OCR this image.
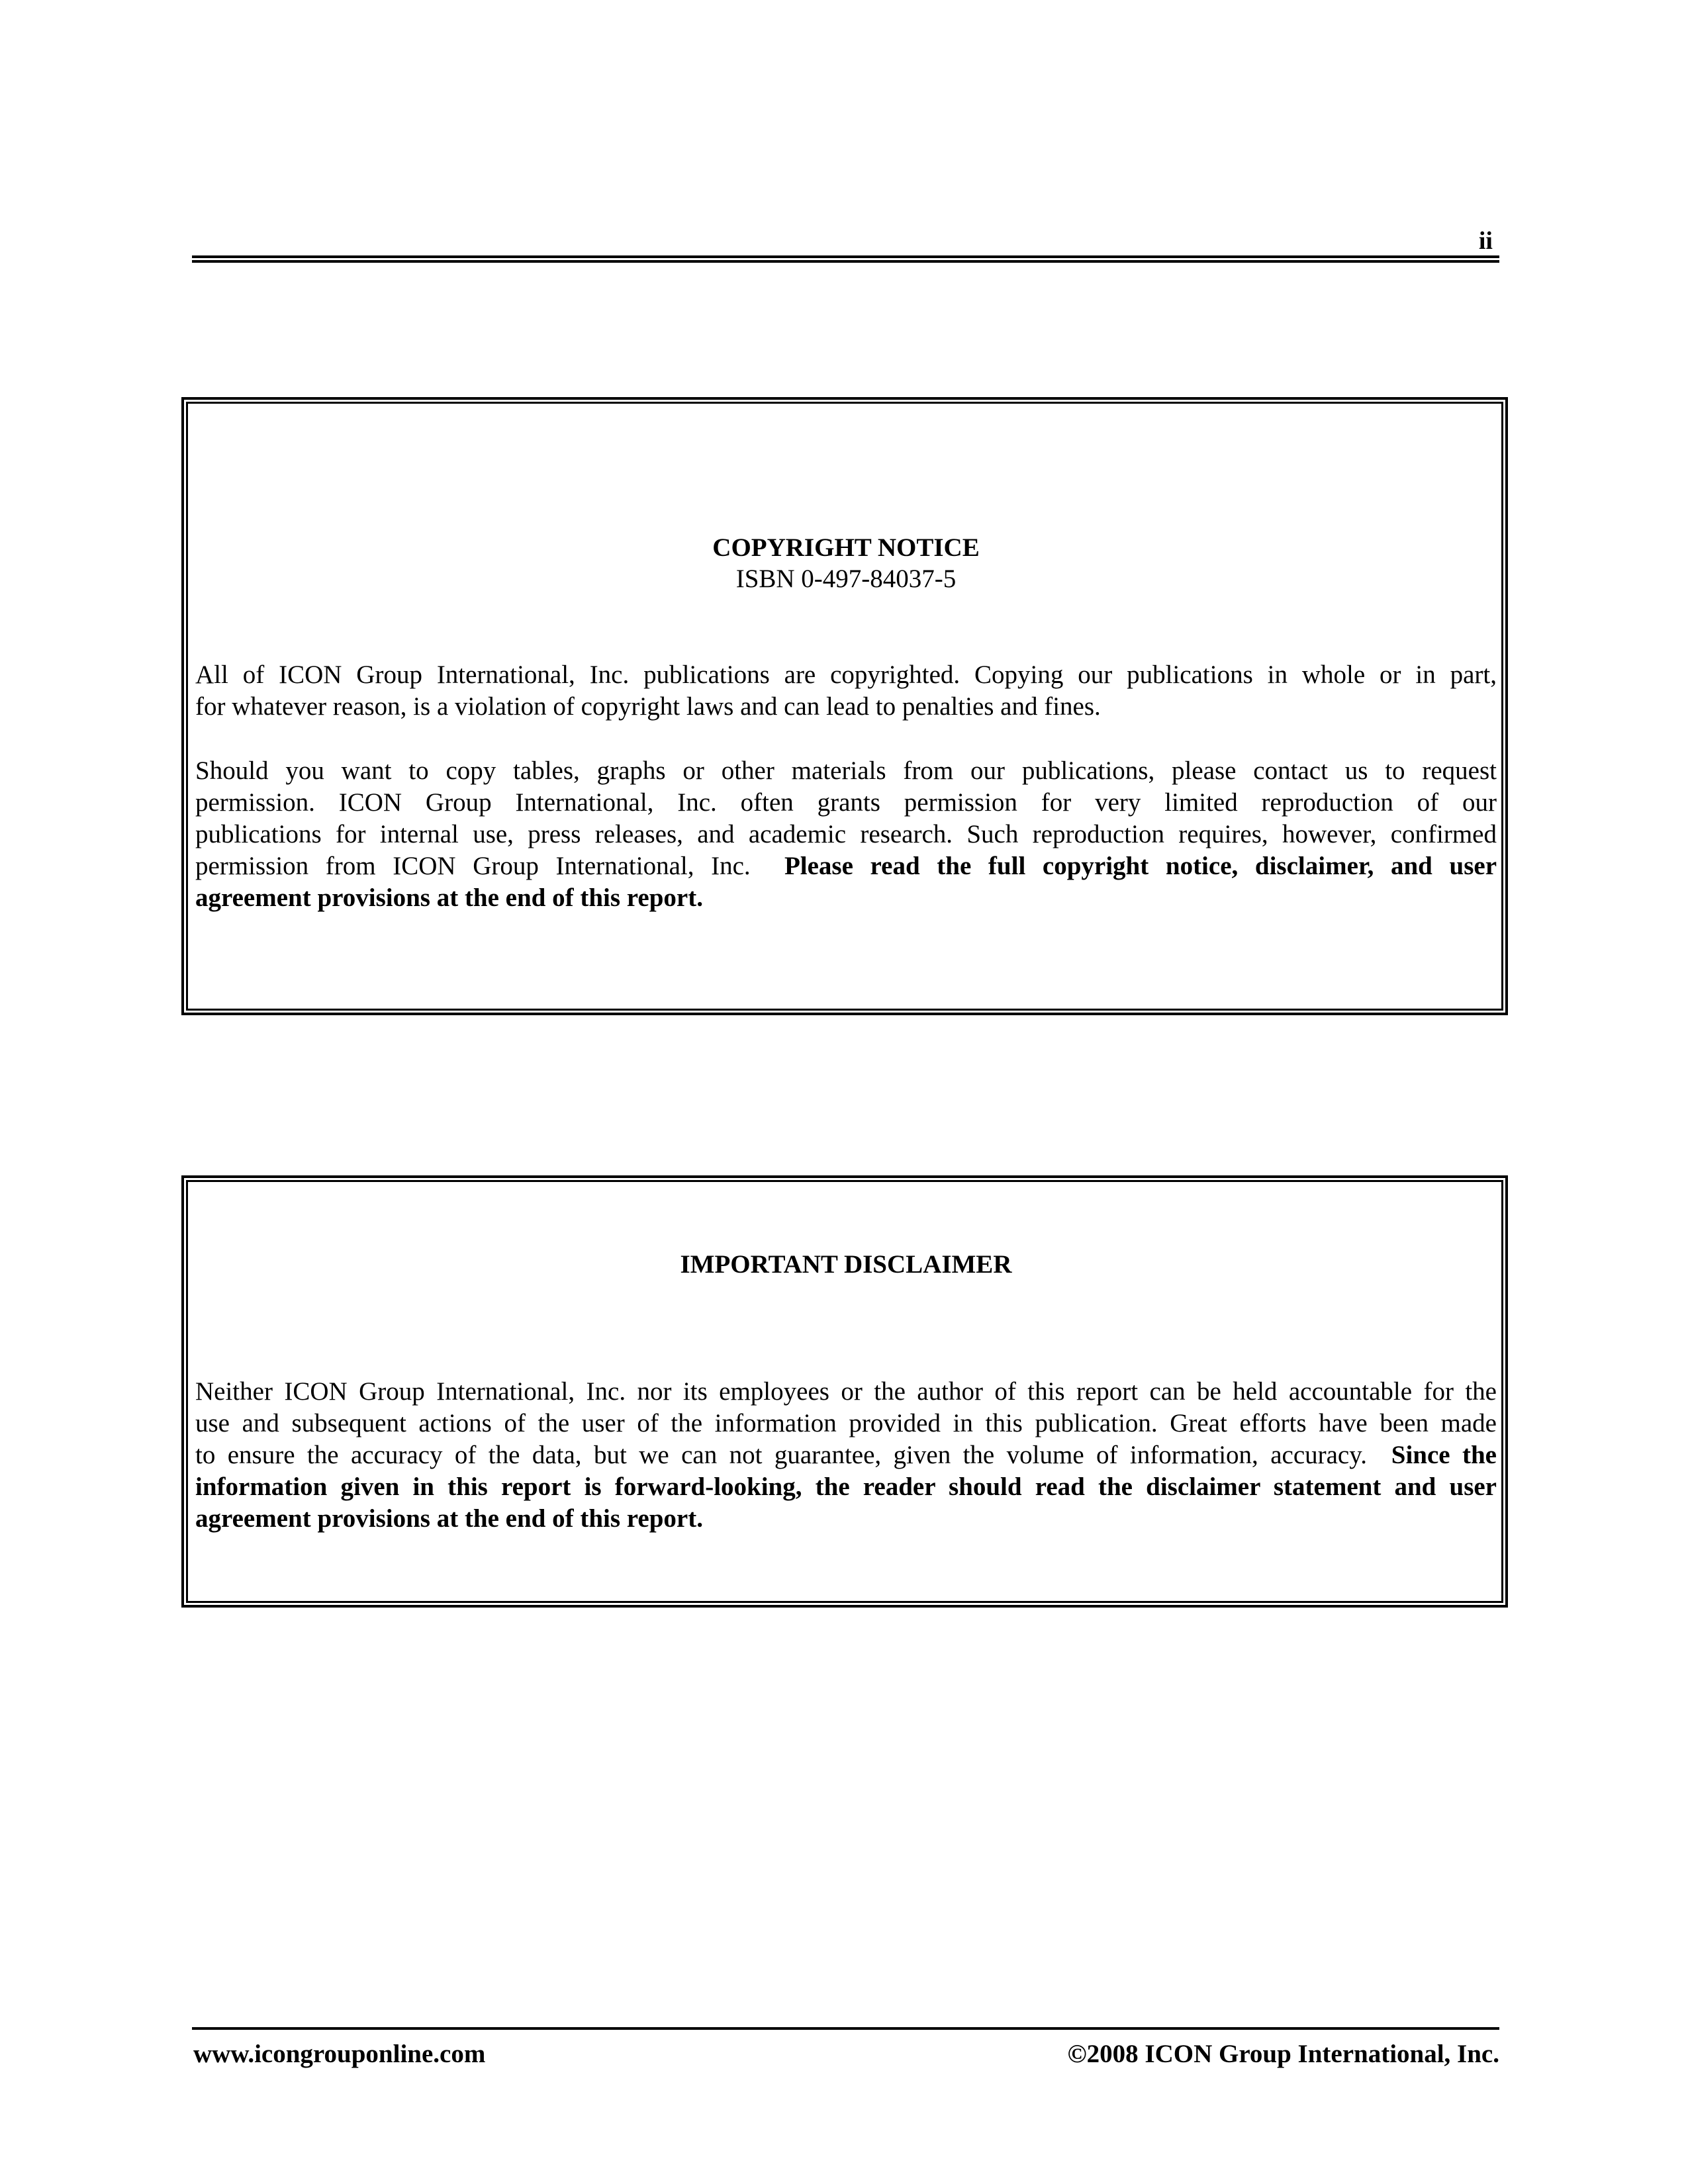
ii
COPYRIGHT NOTICE
ISBN 0-497-84037-5
All of ICON Group International, Inc. publications are copyrighted. Copying our publications in whole or in part,
for whatever reason, is a violation of copyright laws and can lead to penalties and fines.
Should you want to copy tables, graphs or other materials from our publications, please contact us to request
permission. ICON Group International, Inc. often grants permission for very limited reproduction of our
publications for internal use, press releases, and academic research. Such reproduction requires, however, confirmed
permission from ICON Group International, Inc.  Please read the full copyright notice, disclaimer, and user
agreement provisions at the end of this report.
IMPORTANT DISCLAIMER
Neither ICON Group International, Inc. nor its employees or the author of this report can be held accountable for the
use and subsequent actions of the user of the information provided in this publication. Great efforts have been made
to ensure the accuracy of the data, but we can not guarantee, given the volume of information, accuracy.  Since the
information given in this report is forward-looking, the reader should read the disclaimer statement and user
agreement provisions at the end of this report.
www.icongrouponline.com	©2008 ICON Group International, Inc.
